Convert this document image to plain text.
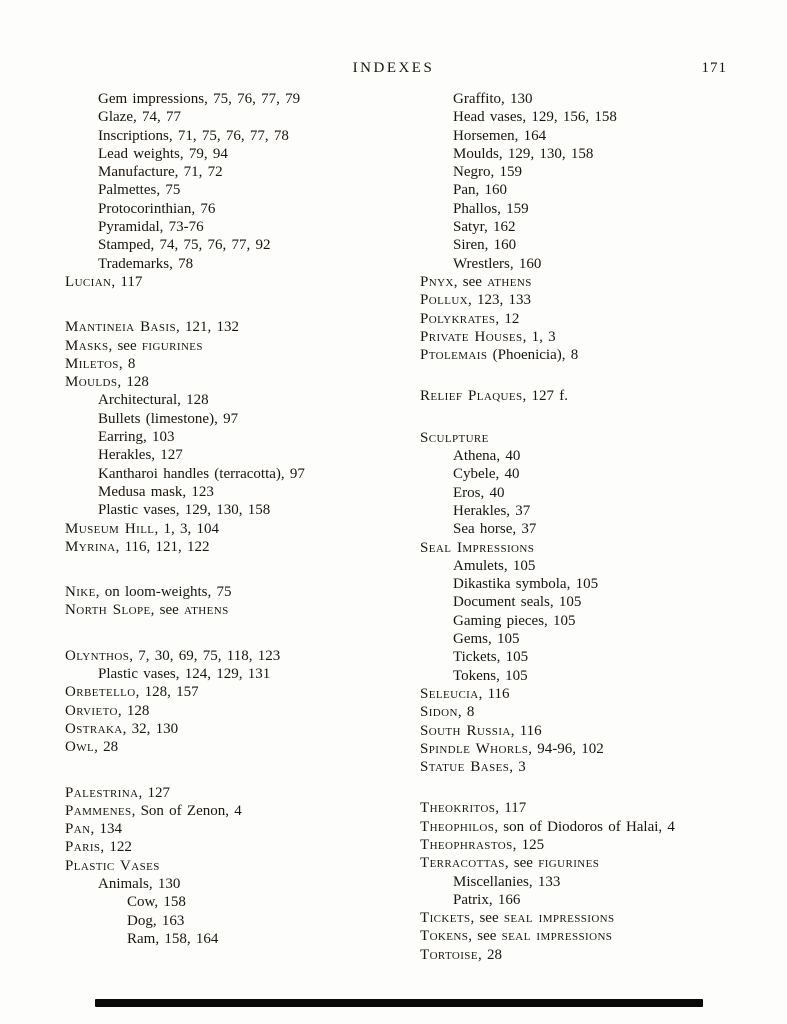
INDEXES	171
Gem impressions, 75, 76, 77, 79
Glaze, 74, 77
Inscriptions, 71, 75, 76, 77, 78
Lead weights, 79, 94
Manufacture, 71, 72
Palmettes, 75
Protocorinthian, 76
Pyramidal, 73-76
Stamped, 74, 75, 76, 77, 92
Trademarks, 78
Lucian, 117
Mantineia Basis, 121, 132
Masks, see figurines
Miletos, 8
Moulds, 128
Architectural, 128
Bullets (limestone), 97
Earring, 103
Herakles, 127
Kantharoi handles (terracotta), 97
Medusa mask, 123
Plastic vases, 129, 130, 158
Museum Hill, 1, 3, 104
Myrina, 116, 121, 122
Nike, on loom-weights, 75
North Slope, see athens
Olynthos, 7, 30, 69, 75, 118, 123
Plastic vases, 124, 129, 131
Orbetello, 128, 157
Orvieto, 128
Ostraka, 32, 130
Owl, 28
Palestrina, 127
Pammenes, Son of Zenon, 4
Pan, 134
Paris, 122
Plastic Vases
Animals, 130
Cow, 158
Dog, 163
Ram, 158, 164
Graffito, 130
Head vases, 129, 156, 158
Horsemen, 164
Moulds, 129, 130, 158
Negro, 159
Pan, 160
Phallos, 159
Satyr, 162
Siren, 160
Wrestlers, 160
Pnyx, see athens
Pollux, 123, 133
Polykrates, 12
Private Houses, 1, 3
Ptolemais (Phoenicia), 8
Relief Plaques, 127 f.
Sculpture
Athena, 40
Cybele, 40
Eros, 40
Herakles, 37
Sea horse, 37
Seal Impressions
Amulets, 105
Dikastika symbola, 105
Document seals, 105
Gaming pieces, 105
Gems, 105
Tickets, 105
Tokens, 105
Seleucia, 116
Sidon, 8
South Russia, 116
Spindle Whorls, 94-96, 102
Statue Bases, 3
Theokritos, 117
Theophilos, son of Diodoros of Halai, 4
Theophrastos, 125
Terracottas, see figurines
Miscellanies, 133
Patrix, 166
Tickets, see seal impressions
Tokens, see seal impressions
Tortoise, 28
